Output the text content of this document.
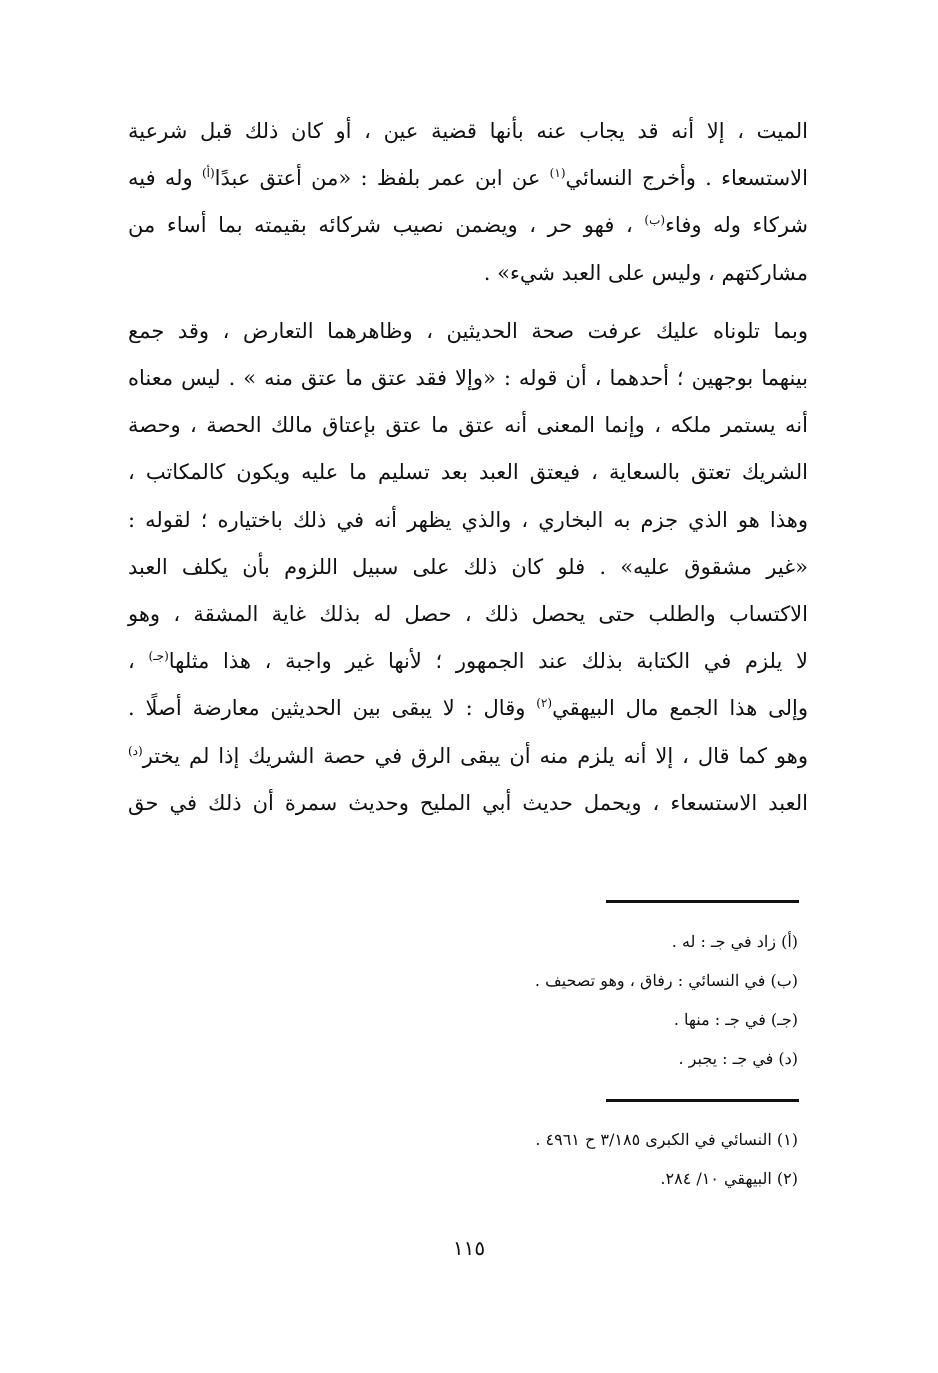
الميت ، إلا أنه قد يجاب عنه بأنها قضية عين ، أو كان ذلك قبل شرعية
الاستسعاء . وأخرج النسائي$^{(١)}$ عن ابن عمر بلفظ : «من أعتق عبدًا$^{(أ)}$ وله فيه
شركاء وله وفاء$^{(ب)}$ ، فهو حر ، ويضمن نصيب شركائه بقيمته بما أساء من
مشاركتهم ، وليس على العبد شيء» .

وبما تلوناه عليك عرفت صحة الحديثين ، وظاهرهما التعارض ، وقد جمع
بينهما بوجهين ؛ أحدهما ، أن قوله : «وإلا فقد عتق ما عتق منه » . ليس معناه
أنه يستمر ملكه ، وإنما المعنى أنه عتق ما عتق بإعتاق مالك الحصة ، وحصة
الشريك تعتق بالسعاية ، فيعتق العبد بعد تسليم ما عليه ويكون كالمكاتب ،
وهذا هو الذي جزم به البخاري ، والذي يظهر أنه في ذلك باختياره ؛ لقوله :
«غير مشقوق عليه» . فلو كان ذلك على سبيل اللزوم بأن يكلف العبد
الاكتساب والطلب حتى يحصل ذلك ، حصل له بذلك غاية المشقة ، وهو
لا يلزم في الكتابة بذلك عند الجمهور ؛ لأنها غير واجبة ، هذا مثلها$^{(جـ)}$ ،
وإلى هذا الجمع مال البيهقي$^{(٢)}$ وقال : لا يبقى بين الحديثين معارضة أصلًا .
وهو كما قال ، إلا أنه يلزم منه أن يبقى الرق في حصة الشريك إذا لم يختر$^{(د)}$
العبد الاستسعاء ، ويحمل حديث أبي المليح وحديث سمرة أن ذلك في حق

(أ) زاد في جـ : له .
(ب) في النسائي : رفاق ، وهو تصحيف .
(جـ) في جـ : منها .
(د) في جـ : يجبر .
(١) النسائي في الكبرى ٣/١٨٥ ح ٤٩٦١ .
(٢) البيهقي ١٠/ ٢٨٤.
١١٥
